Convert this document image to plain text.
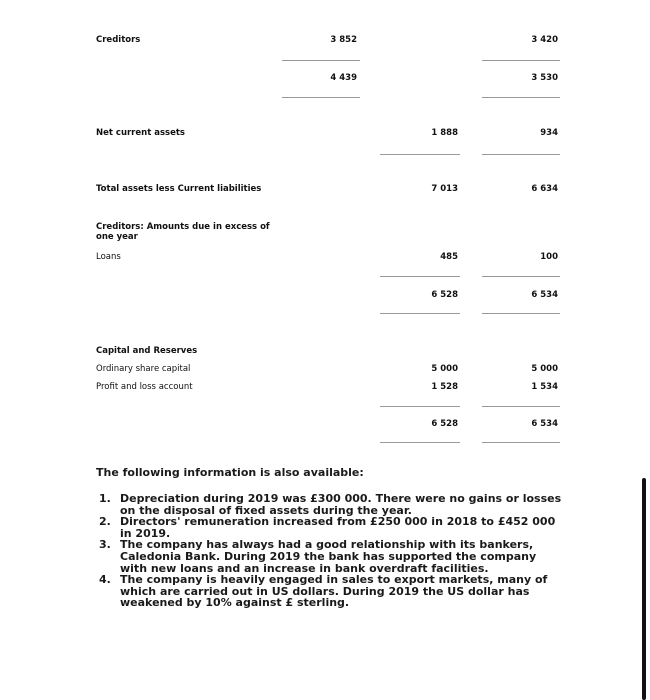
Creditors	3 852	3 420
4 439	3 530
Net current assets	1 888	934
Total assets less Current liabilities	7 013	6 634
Creditors: Amounts due in excess of
one year
Loans	485	100
6 528	6 534
Capital and Reserves
Ordinary share capital	5 000	5 000
Profit and loss account	1 528	1 534
6 528	6 534
The following information is also available:
1. Depreciation during 2019 was £300 000. There were no gains or losses on the disposal of fixed assets during the year.
2. Directors' remuneration increased from £250 000 in 2018 to £452 000 in 2019.
3. The company has always had a good relationship with its bankers, Caledonia Bank. During 2019 the bank has supported the company with new loans and an increase in bank overdraft facilities.
4. The company is heavily engaged in sales to export markets, many of which are carried out in US dollars. During 2019 the US dollar has weakened by 10% against £ sterling.
